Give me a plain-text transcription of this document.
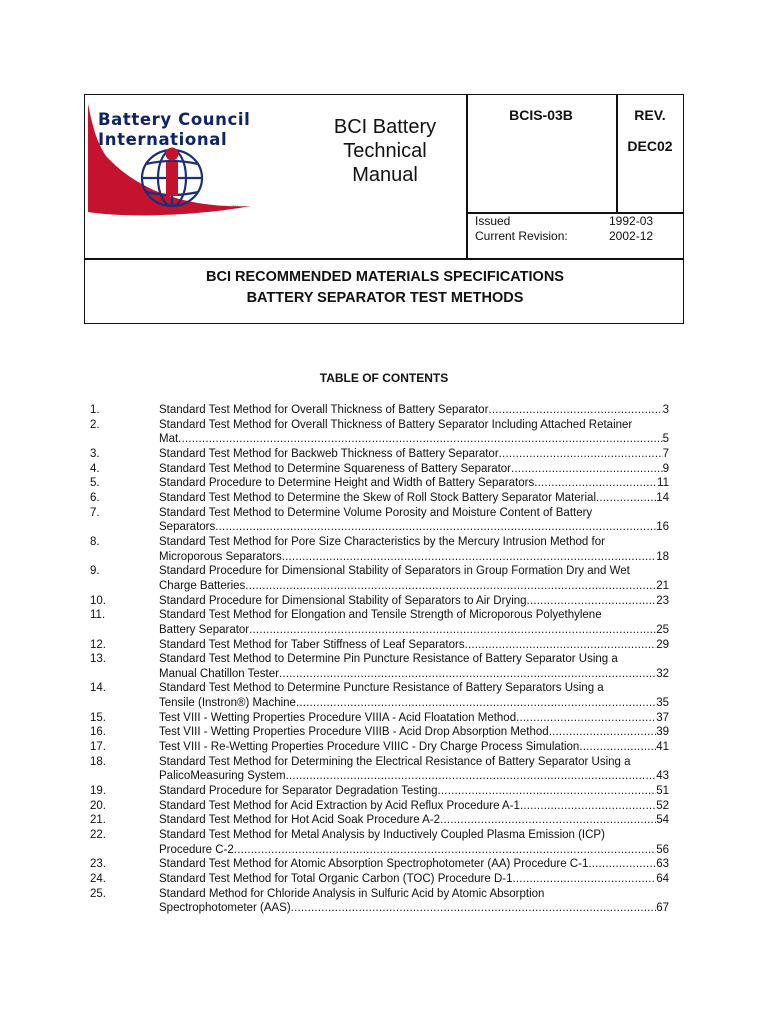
Battery Council
International
TM
BCI Battery
Technical
Manual
BCIS-03B	REV.
DEC02
Issued	1992-03
Current Revision:	2002-12
BCI RECOMMENDED MATERIALS SPECIFICATIONS
BATTERY SEPARATOR TEST METHODS
TABLE OF CONTENTS
1.	Standard Test Method for Overall Thickness of Battery Separator .....	3
2.	Standard Test Method for Overall Thickness of Battery Separator Including Attached Retainer
Mat .....	5
3.	Standard Test Method for Backweb Thickness of Battery Separator .....	7
4.	Standard Test Method to Determine Squareness of Battery Separator .....	9
5.	Standard Procedure to Determine Height and Width of Battery Separators .....	11
6.	Standard Test Method to Determine the Skew of Roll Stock Battery Separator Material .....	14
7.	Standard Test Method to Determine Volume Porosity and Moisture Content of Battery
Separators .....	16
8.	Standard Test Method for Pore Size Characteristics by the Mercury Intrusion Method for
Microporous Separators .....	18
9.	Standard Procedure for Dimensional Stability of Separators in Group Formation Dry and Wet
Charge Batteries .....	21
10.	Standard Procedure for Dimensional Stability of Separators to Air Drying .....	23
11.	Standard Test Method for Elongation and Tensile Strength of Microporous Polyethylene
Battery Separator .....	25
12.	Standard Test Method for Taber Stiffness of Leaf Separators .....	29
13.	Standard Test Method to Determine Pin Puncture Resistance of Battery Separator Using a
Manual Chatillon Tester .....	32
14.	Standard Test Method to Determine Puncture Resistance of Battery Separators Using a
Tensile (Instron®) Machine .....	35
15.	Test VIII - Wetting Properties Procedure VIIIA - Acid Floatation Method .....	37
16.	Test VIII - Wetting Properties Procedure VIIIB - Acid Drop Absorption Method .....	39
17.	Test VIII - Re-Wetting Properties Procedure VIIIC - Dry Charge Process Simulation .....	41
18.	Standard Test Method for Determining the Electrical Resistance of Battery Separator Using a
PalicoMeasuring System .....	43
19.	Standard Procedure for Separator Degradation Testing .....	51
20.	Standard Test Method for Acid Extraction by Acid Reflux Procedure A-1 .....	52
21.	Standard Test Method for Hot Acid Soak Procedure A-2 .....	54
22.	Standard Test Method for Metal Analysis by Inductively Coupled Plasma Emission (ICP)
Procedure C-2 .....	56
23.	Standard Test Method for Atomic Absorption Spectrophotometer (AA) Procedure C-1 .....	63
24.	Standard Test Method for Total Organic Carbon (TOC) Procedure D-1 .....	64
25.	Standard Method for Chloride Analysis in Sulfuric Acid by Atomic Absorption
Spectrophotometer (AAS) .....	67
